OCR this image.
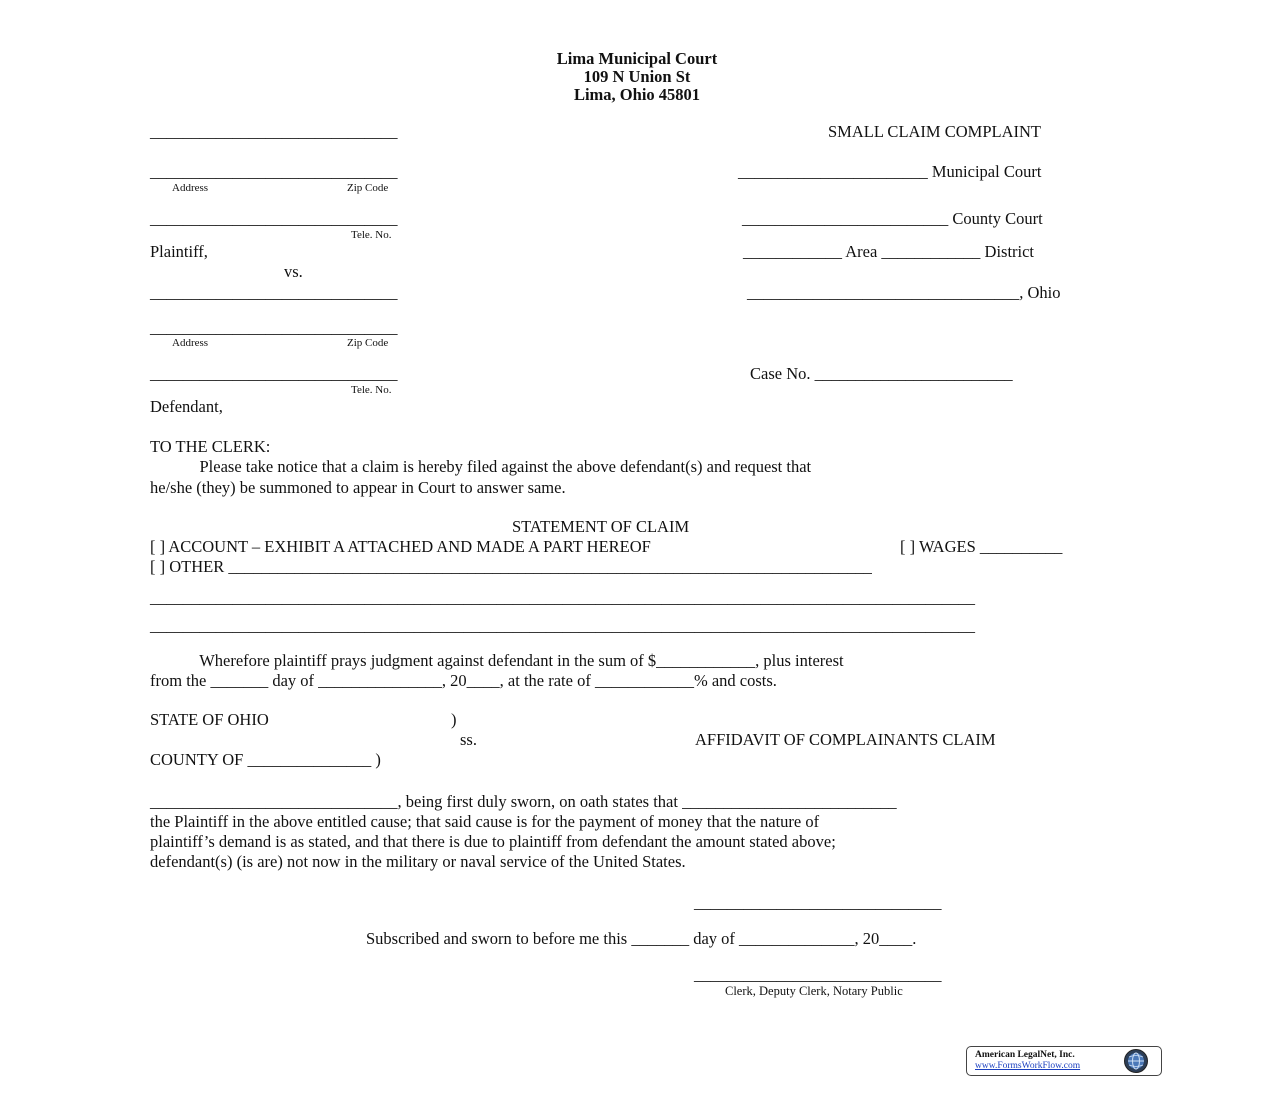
Lima Municipal Court
109 N Union St
Lima, Ohio 45801
______________________________	SMALL CLAIM COMPLAINT
______________________________
Address	Zip Code
______________________________
Tele. No.
Plaintiff,
vs.
______________________________
______________________________
Address	Zip Code
______________________________
Tele. No.
Defendant,
_______________________ Municipal Court
_________________________ County Court
____________ Area ____________ District
_________________________________, Ohio
Case No. ________________________
TO THE CLERK:
Please take notice that a claim is hereby filed against the above defendant(s) and request that
he/she (they) be summoned to appear in Court to answer same.
STATEMENT OF CLAIM
[ ] ACCOUNT – EXHIBIT A ATTACHED AND MADE A PART HEREOF	[ ] WAGES __________
[ ] OTHER ______________________________________________________________________________
____________________________________________________________________________________________________
____________________________________________________________________________________________________
Wherefore plaintiff prays judgment against defendant in the sum of $____________, plus interest
from the _______ day of _______________, 20____, at the rate of ____________% and costs.
STATE OF OHIO	)
ss.	AFFIDAVIT OF COMPLAINANTS CLAIM
COUNTY OF _______________ )
______________________________, being first duly sworn, on oath states that __________________________
the Plaintiff in the above entitled cause; that said cause is for the payment of money that the nature of
plaintiff’s demand is as stated, and that there is due to plaintiff from defendant the amount stated above;
defendant(s) (is are) not now in the military or naval service of the United States.
______________________________
Subscribed and sworn to before me this _______ day of ______________, 20____.
______________________________
Clerk, Deputy Clerk, Notary Public
American LegalNet, Inc.
www.FormsWorkFlow.com
